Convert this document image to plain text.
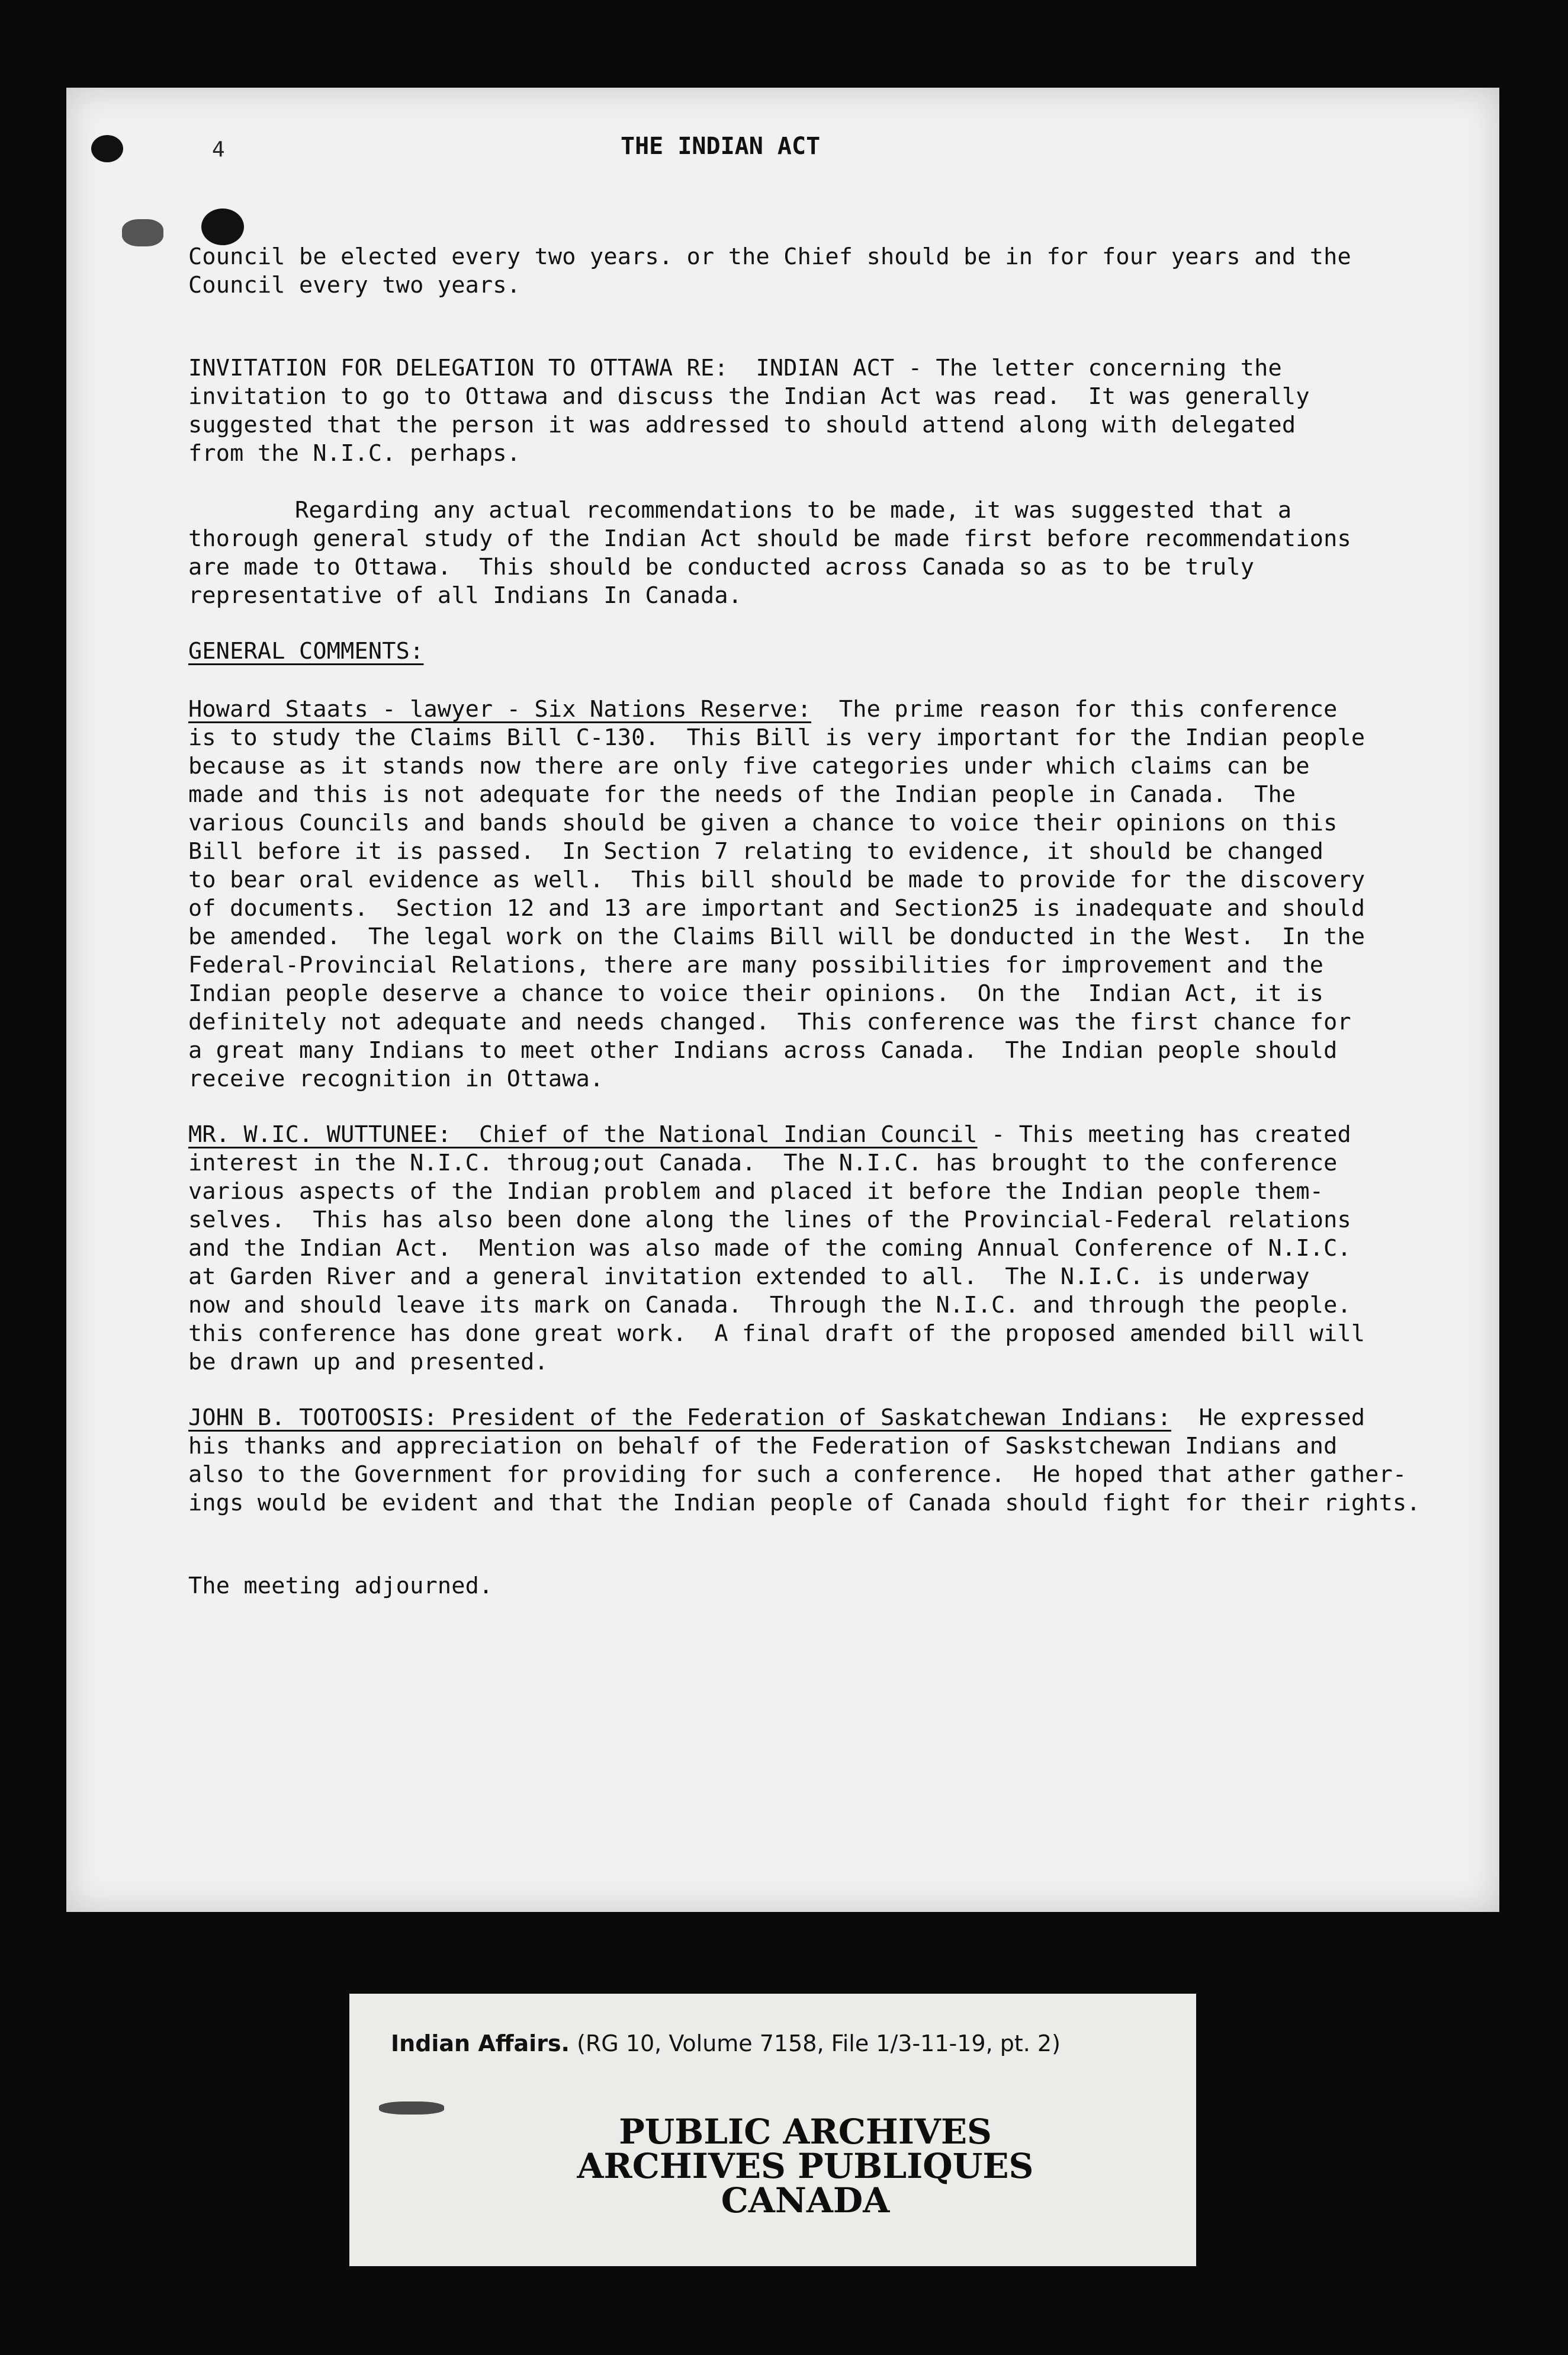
4	THE INDIAN ACT

Council be elected every two years. or the Chief should be in for four years and the
Council every two years.

INVITATION FOR DELEGATION TO OTTAWA RE:  INDIAN ACT - The letter concerning the
invitation to go to Ottawa and discuss the Indian Act was read.  It was generally
suggested that the person it was addressed to should attend along with delegated
from the N.I.C. perhaps.

Regarding any actual recommendations to be made, it was suggested that a
thorough general study of the Indian Act should be made first before recommendations
are made to Ottawa.  This should be conducted across Canada so as to be truly
representative of all Indians In Canada.

GENERAL COMMENTS:

Howard Staats - lawyer - Six Nations Reserve:  The prime reason for this conference
is to study the Claims Bill C-130.  This Bill is very important for the Indian people
because as it stands now there are only five categories under which claims can be
made and this is not adequate for the needs of the Indian people in Canada.  The
various Councils and bands should be given a chance to voice their opinions on this
Bill before it is passed.  In Section 7 relating to evidence, it should be changed
to bear oral evidence as well.  This bill should be made to provide for the discovery
of documents.  Section 12 and 13 are important and Section25 is inadequate and should
be amended.  The legal work on the Claims Bill will be donducted in the West.  In the
Federal-Provincial Relations, there are many possibilities for improvement and the
Indian people deserve a chance to voice their opinions.  On the  Indian Act, it is
definitely not adequate and needs changed.  This conference was the first chance for
a great many Indians to meet other Indians across Canada.  The Indian people should
receive recognition in Ottawa.

MR. W.IC. WUTTUNEE:  Chief of the National Indian Council - This meeting has created
interest in the N.I.C. throug;out Canada.  The N.I.C. has brought to the conference
various aspects of the Indian problem and placed it before the Indian people them-
selves.  This has also been done along the lines of the Provincial-Federal relations
and the Indian Act.  Mention was also made of the coming Annual Conference of N.I.C.
at Garden River and a general invitation extended to all.  The N.I.C. is underway
now and should leave its mark on Canada.  Through the N.I.C. and through the people.
this conference has done great work.  A final draft of the proposed amended bill will
be drawn up and presented.

JOHN B. TOOTOOSIS: President of the Federation of Saskatchewan Indians:  He expressed
his thanks and appreciation on behalf of the Federation of Saskstchewan Indians and
also to the Government for providing for such a conference.  He hoped that ather gather-
ings would be evident and that the Indian people of Canada should fight for their rights.

The meeting adjourned.

Indian Affairs. (RG 10, Volume 7158, File 1/3-11-19, pt. 2)
PUBLIC ARCHIVES
ARCHIVES PUBLIQUES
CANADA
